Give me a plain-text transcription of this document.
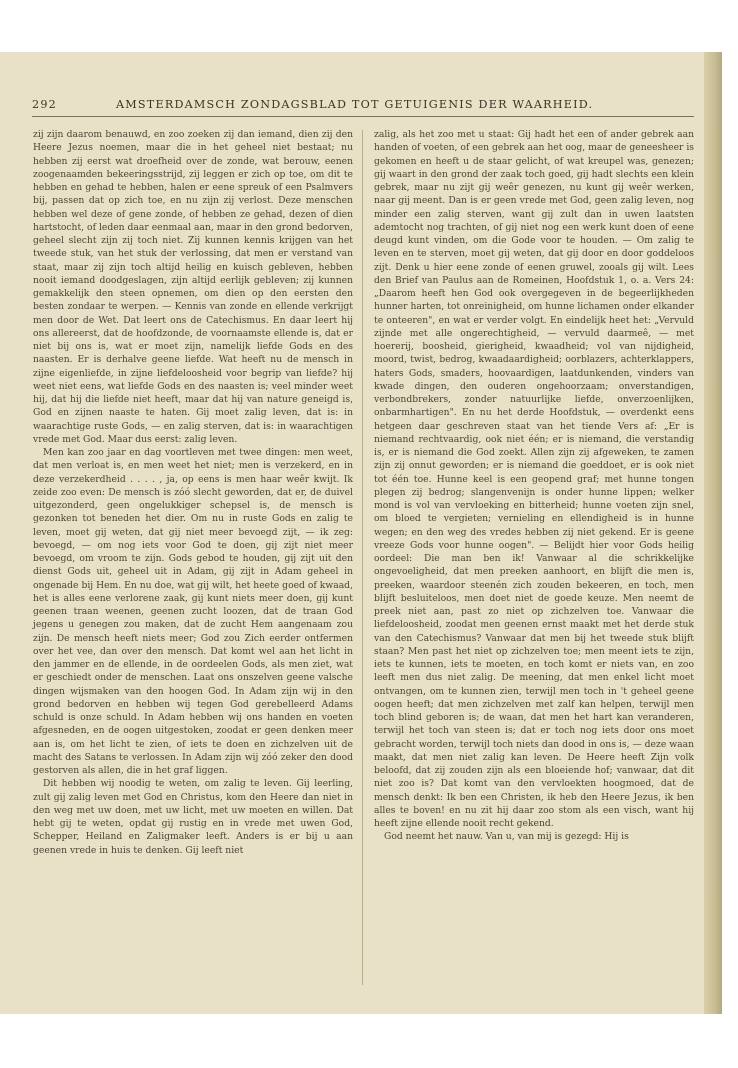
292	AMSTERDAMSCH ZONDAGSBLAD TOT GETUIGENIS DER WAARHEID.

zij zijn daarom benauwd, en zoo zoeken zij dan iemand, dien zij den Heere Jezus noemen, maar die in het geheel niet bestaat; nu hebben zij eerst wat droefheid over de zonde, wat berouw, eenen zoogenaamden bekeeringsstrijd, zij leggen er zich op toe, om dit te hebben en gehad te hebben, halen er eene spreuk of een Psalmvers bij, passen dat op zich toe, en nu zijn zij verlost. Deze menschen hebben wel deze of gene zonde, of hebben ze gehad, dezen of dien hartstocht, of leden daar eenmaal aan, maar in den grond bedorven, geheel slecht zijn zij toch niet. Zij kunnen kennis krijgen van het tweede stuk, van het stuk der verlossing, dat men er verstand van staat, maar zij zijn toch altijd heilig en kuisch gebleven, hebben nooit iemand doodgeslagen, zijn altijd eerlijk gebleven; zij kunnen gemakkelijk den steen opnemen, om dien op den eersten den besten zondaar te werpen. — Kennis van zonde en ellende verkrijgt men door de Wet. Dat leert ons de Catechismus. En daar leert hij ons allereerst, dat de hoofdzonde, de voornaamste ellende is, dat er niet bij ons is, wat er moet zijn, namelijk liefde Gods en des naasten. Er is derhalve geene liefde. Wat heeft nu de mensch in zijne eigenliefde, in zijne liefdeloosheid voor begrip van liefde? hij weet niet eens, wat liefde Gods en des naasten is; veel minder weet hij, dat hij die liefde niet heeft, maar dat hij van nature geneigd is, God en zijnen naaste te haten. Gij moet zalig leven, dat is: in waarachtige ruste Gods, — en zalig sterven, dat is: in waarachtigen vrede met God. Maar dus eerst: zalig leven.

Men kan zoo jaar en dag voortleven met twee dingen: men weet, dat men verloat is, en men weet het niet; men is verzekerd, en in deze verzekerdheid . . . . , ja, op eens is men haar weêr kwijt. Ik zeide zoo even: De mensch is zóó slecht geworden, dat er, de duivel uitgezonderd, geen ongelukkiger schepsel is, de mensch is gezonken tot beneden het dier. Om nu in ruste Gods en zalig te leven, moet gij weten, dat gij niet meer bevoegd zijt, — ik zeg: bevoegd, — om nog iets voor God te doen, gij zijt niet meer bevoegd, om vroom te zijn. Gods gebod te houden, gij zijt uit den dienst Gods uit, geheel uit in Adam, gij zijt in Adam geheel in ongenade bij Hem. En nu doe, wat gij wilt, het heete goed of kwaad, het is alles eene verlorene zaak, gij kunt niets meer doen, gij kunt geenen traan weenen, geenen zucht loozen, dat de traan God jegens u genegen zou maken, dat de zucht Hem aangenaam zou zijn. De mensch heeft niets meer; God zou Zich eerder ontfermen over het vee, dan over den mensch. Dat komt wel aan het licht in den jammer en de ellende, in de oordeelen Gods, als men ziet, wat er geschiedt onder de menschen. Laat ons onszelven geene valsche dingen wijsmaken van den hoogen God. In Adam zijn wij in den grond bedorven en hebben wij tegen God gerebelleerd Adams schuld is onze schuld. In Adam hebben wij ons handen en voeten afgesneden, en de oogen uitgestoken, zoodat er geen denken meer aan is, om het licht te zien, of iets te doen en zichzelven uit de macht des Satans te verlossen. In Adam zijn wij zóó zeker den dood gestorven als allen, die in het graf liggen.

Dit hebben wij noodig te weten, om zalig te leven. Gij leerling, zult gij zalig leven met God en Christus, kom den Heere dan niet in den weg met uw doen, met uw licht, met uw moeten en willen. Dat hebt gij te weten, opdat gij rustig en in vrede met uwen God, Schepper, Heiland en Zaligmaker leeft. Anders is er bij u aan geenen vrede in huis te denken. Gij leeft niet

zalig, als het zoo met u staat: Gij hadt het een of ander gebrek aan handen of voeten, of een gebrek aan het oog, maar de geneesheer is gekomen en heeft u de staar gelicht, of wat kreupel was, genezen; gij waart in den grond der zaak toch goed, gij hadt slechts een klein gebrek, maar nu zijt gij weêr genezen, nu kunt gij weêr werken, naar gij meent. Dan is er geen vrede met God, geen zalig leven, nog minder een zalig sterven, want gij zult dan in uwen laatsten ademtocht nog trachten, of gij niet nog een werk kunt doen of eene deugd kunt vinden, om die Gode voor te houden. — Om zalig te leven en te sterven, moet gij weten, dat gij door en door goddeloos zijt. Denk u hier eene zonde of eenen gruwel, zooals gij wilt. Lees den Brief van Paulus aan de Romeinen, Hoofdstuk 1, o. a. Vers 24: „Daarom heeft hen God ook overgegeven in de begeerlijkheden hunner harten, tot onreinigheid, om hunne lichamen onder elkander te onteeren", en wat er verder volgt. En eindelijk heet het: „Vervuld zijnde met alle ongerechtigheid, — vervuld daarmeê, — met hoererij, boosheid, gierigheid, kwaadheid; vol van nijdigheid, moord, twist, bedrog, kwaadaardigheid; oorblazers, achterklappers, haters Gods, smaders, hoovaardigen, laatdunkenden, vinders van kwade dingen, den ouderen ongehoorzaam; onverstandigen, verbondbrekers, zonder natuurlijke liefde, onverzoenlijken, onbarmhartigen". En nu het derde Hoofdstuk, — overdenkt eens hetgeen daar geschreven staat van het tiende Vers af: „Er is niemand rechtvaardig, ook niet één; er is niemand, die verstandig is, er is niemand die God zoekt. Allen zijn zij afgeweken, te zamen zijn zij onnut geworden; er is niemand die goeddoet, er is ook niet tot één toe. Hunne keel is een geopend graf; met hunne tongen plegen zij bedrog; slangenvenijn is onder hunne lippen; welker mond is vol van vervloeking en bitterheid; hunne voeten zijn snel, om bloed te vergieten; vernieling en ellendigheid is in hunne wegen; en den weg des vredes hebben zij niet gekend. Er is geene vreeze Gods voor hunne oogen". — Belijdt hier voor Gods heilig oordeel: Die man ben ik! Vanwaar al die schrikkelijke ongevoeligheid, dat men preeken aanhoort, en blijft die men is, preeken, waardoor steenén zich zouden bekeeren, en toch, men blijft besluiteloos, men doet niet de goede keuze. Men neemt de preek niet aan, past zo niet op zichzelven toe. Vanwaar die liefdeloosheid, zoodat men geenen ernst maakt met het derde stuk van den Catechismus? Vanwaar dat men bij het tweede stuk blijft staan? Men past het niet op zichzelven toe; men meent iets te zijn, iets te kunnen, iets te moeten, en toch komt er niets van, en zoo leeft men dus niet zalig. De meening, dat men enkel licht moet ontvangen, om te kunnen zien, terwijl men toch in 't geheel geene oogen heeft; dat men zichzelven met zalf kan helpen, terwijl men toch blind geboren is; de waan, dat men het hart kan veranderen, terwijl het toch van steen is; dat er toch nog iets door ons moet gebracht worden, terwijl toch niets dan dood in ons is, — deze waan maakt, dat men niet zalig kan leven. De Heere heeft Zijn volk beloofd, dat zij zouden zijn als een bloeiende hof; vanwaar, dat dit niet zoo is? Dat komt van den vervloekten hoogmoed, dat de mensch denkt: Ik ben een Christen, ik heb den Heere Jezus, ik ben alles te boven! en nu zit hij daar zoo stom als een visch, want hij heeft zijne ellende nooit recht gekend.

God neemt het nauw. Van u, van mij is gezegd: Hij is
